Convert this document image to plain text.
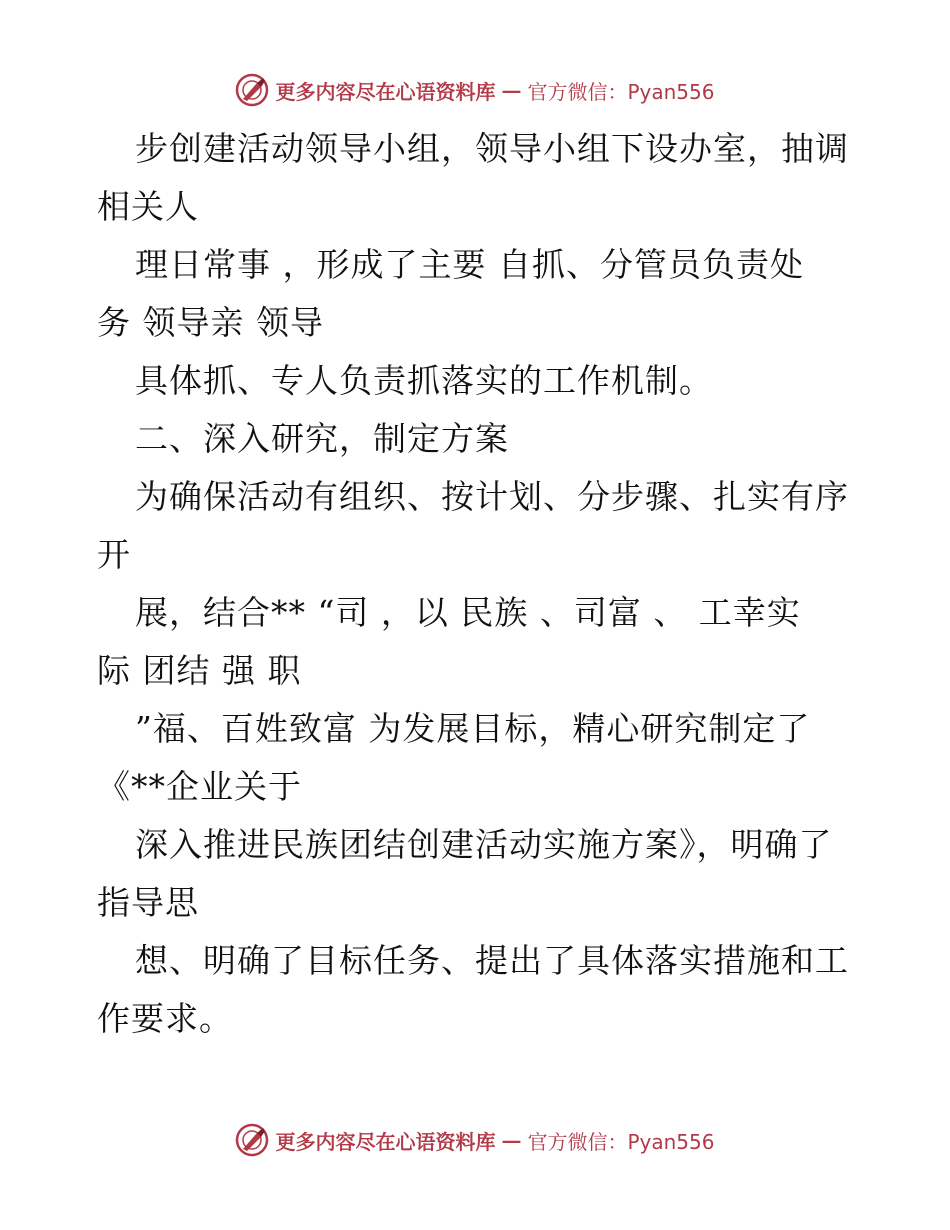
更多内容尽在心语资料库 — 官方微信：Pyan556
步创建活动领导小组，领导小组下设办室，抽调
相关人
理日常事 ，形成了主要 自抓、分管员负责处
务 领导亲 领导
具体抓、专人负责抓落实的工作机制。
二、深入研究，制定方案
为确保活动有组织、按计划、分步骤、扎实有序
开
展，结合** “司 ，以 民族 、司富 、 工幸实
际 团结 强 职
”福、百姓致富 为发展目标，精心研究制定了
《**企业关于
深入推进民族团结创建活动实施方案》，明确了
指导思
想、明确了目标任务、提出了具体落实措施和工
作要求。
更多内容尽在心语资料库 — 官方微信：Pyan556
